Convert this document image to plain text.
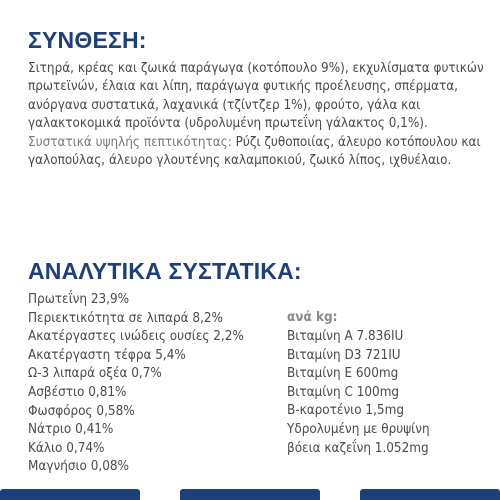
ΣΥΝΘΕΣΗ:

Σιτηρά, κρέας και ζωικά παράγωγα (κοτόπουλο 9%), εκχυλίσματα φυτικών πρωτεϊνών, έλαια και λίπη, παράγωγα φυτικής προέλευσης, σπέρματα, ανόργανα συστατικά, λαχανικά (τζίντζερ 1%), φρούτο, γάλα και γαλακτοκομικά προϊόντα (υδρολυμένη πρωτεΐνη γάλακτος 0,1%). Συστατικά υψηλής πεπτικότητας: Ρύζι ζυθοποιίας, άλευρο κοτόπουλου και γαλοπούλας, άλευρο γλουτένης καλαμποκιού, ζωικό λίπος, ιχθυέλαιο.

ΑΝΑΛΥΤΙΚΑ ΣΥΣΤΑΤΙΚΑ:
Πρωτεΐνη 23,9%
Περιεκτικότητα σε λιπαρά 8,2%
Ακατέργαστες ινώδεις ουσίες 2,2%
Ακατέργαστη τέφρα 5,4%
Ω-3 λιπαρά οξέα 0,7%
Ασβέστιο 0,81%
Φωσφόρος 0,58%
Νάτριο 0,41%
Κάλιο 0,74%
Μαγνήσιο 0,08%
ανά kg:
Βιταμίνη A 7.836IU
Βιταμίνη D3 721IU
Βιταμίνη E 600mg
Βιταμίνη C 100mg
Β-καροτένιο 1,5mg
Υδρολυμένη με θρυψίνη
βόεια καζεΐνη 1.052mg
